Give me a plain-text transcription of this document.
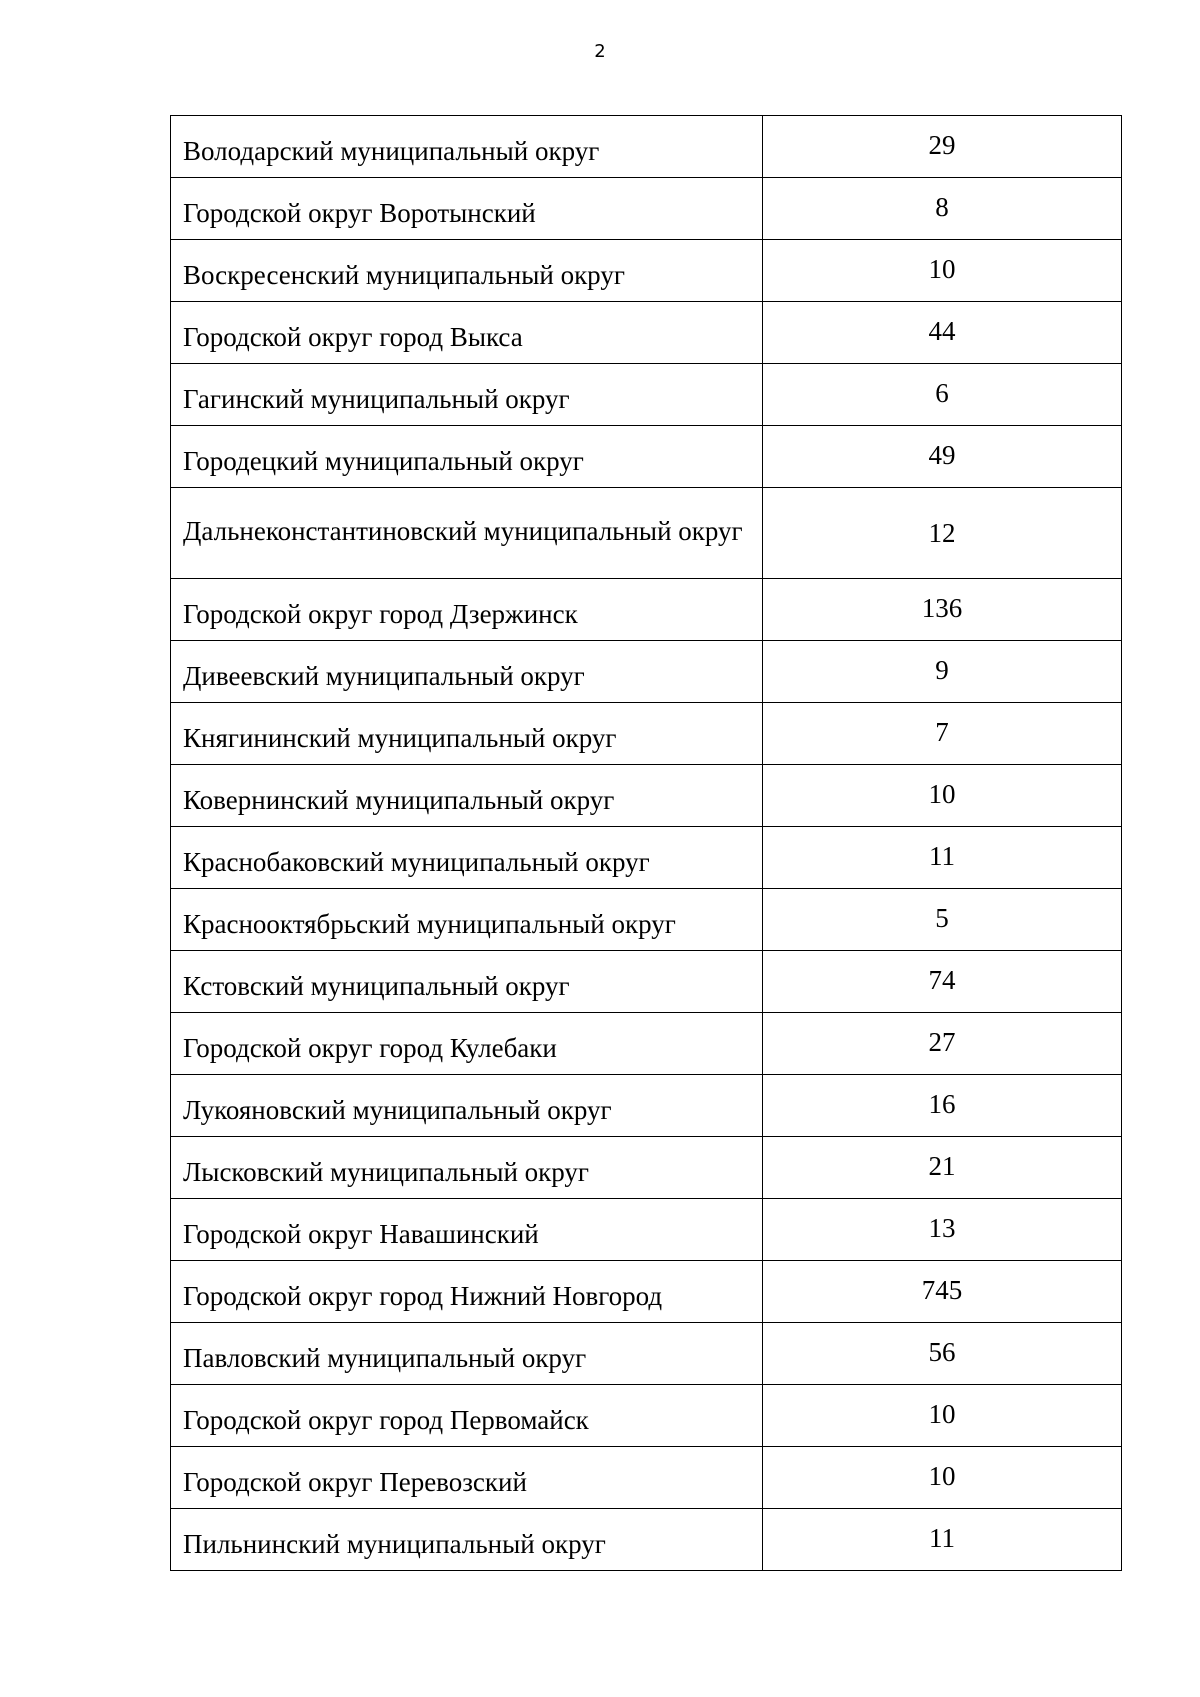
2
Володарский муниципальный округ	29
Городской округ Воротынский	8
Воскресенский муниципальный округ	10
Городской округ город Выкса	44
Гагинский муниципальный округ	6
Городецкий муниципальный округ	49
Дальнеконстантиновский муниципальный округ	12
Городской округ город Дзержинск	136
Дивеевский муниципальный округ	9
Княгининский муниципальный округ	7
Ковернинский муниципальный округ	10
Краснобаковский муниципальный округ	11
Краснооктябрьский муниципальный округ	5
Кстовский муниципальный округ	74
Городской округ город Кулебаки	27
Лукояновский муниципальный округ	16
Лысковский муниципальный округ	21
Городской округ Навашинский	13
Городской округ город Нижний Новгород	745
Павловский муниципальный округ	56
Городской округ город Первомайск	10
Городской округ Перевозский	10
Пильнинский муниципальный округ	11
